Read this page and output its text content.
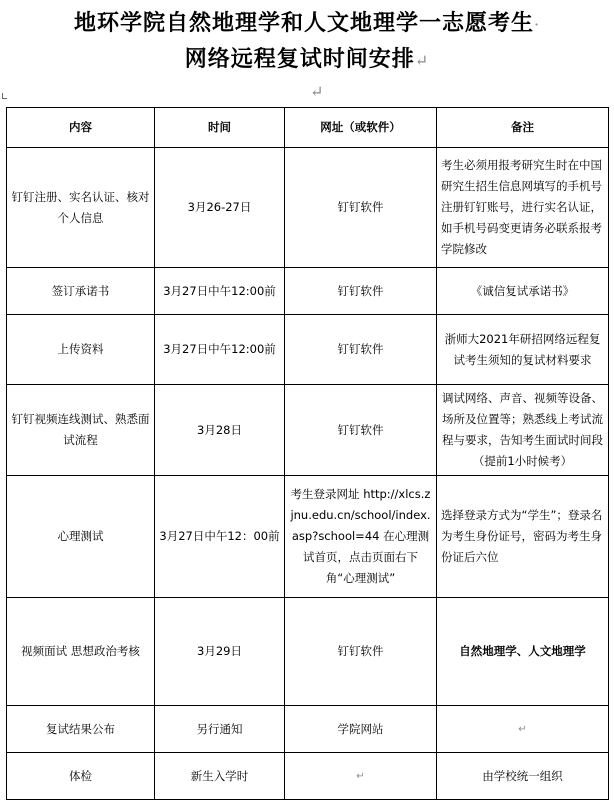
地环学院自然地理学和人文地理学一志愿考生·
网络远程复试时间安排↵
↵
内容	时间	网址（或软件）	备注
钉钉注册、实名认证、核对个人信息	3月26-27日	钉钉软件	考生必须用报考研究生时在中国研究生招生信息网填写的手机号注册钉钉账号，进行实名认证，如手机号码变更请务必联系报考学院修改
签订承诺书	3月27日中午12:00前	钉钉软件	《诚信复试承诺书》
上传资料	3月27日中午12:00前	钉钉软件	浙师大2021年研招网络远程复试考生须知的复试材料要求
钉钉视频连线测试、熟悉面试流程	3月28日	钉钉软件	调试网络、声音、视频等设备、场所及位置等；熟悉线上考试流程与要求，告知考生面试时间段（提前1小时候考）
心理测试	3月27日中午12：00前	考生登录网址 http://xlcs.zjnu.edu.cn/school/index.asp?school=44 在心理测试首页，点击页面右下角“心理测试”	选择登录方式为“学生”；登录名为考生身份证号，密码为考生身份证后六位
视频面试 思想政治考核	3月29日	钉钉软件	自然地理学、人文地理学
复试结果公布	另行通知	学院网站	↵
体检	新生入学时	↵	由学校统一组织
